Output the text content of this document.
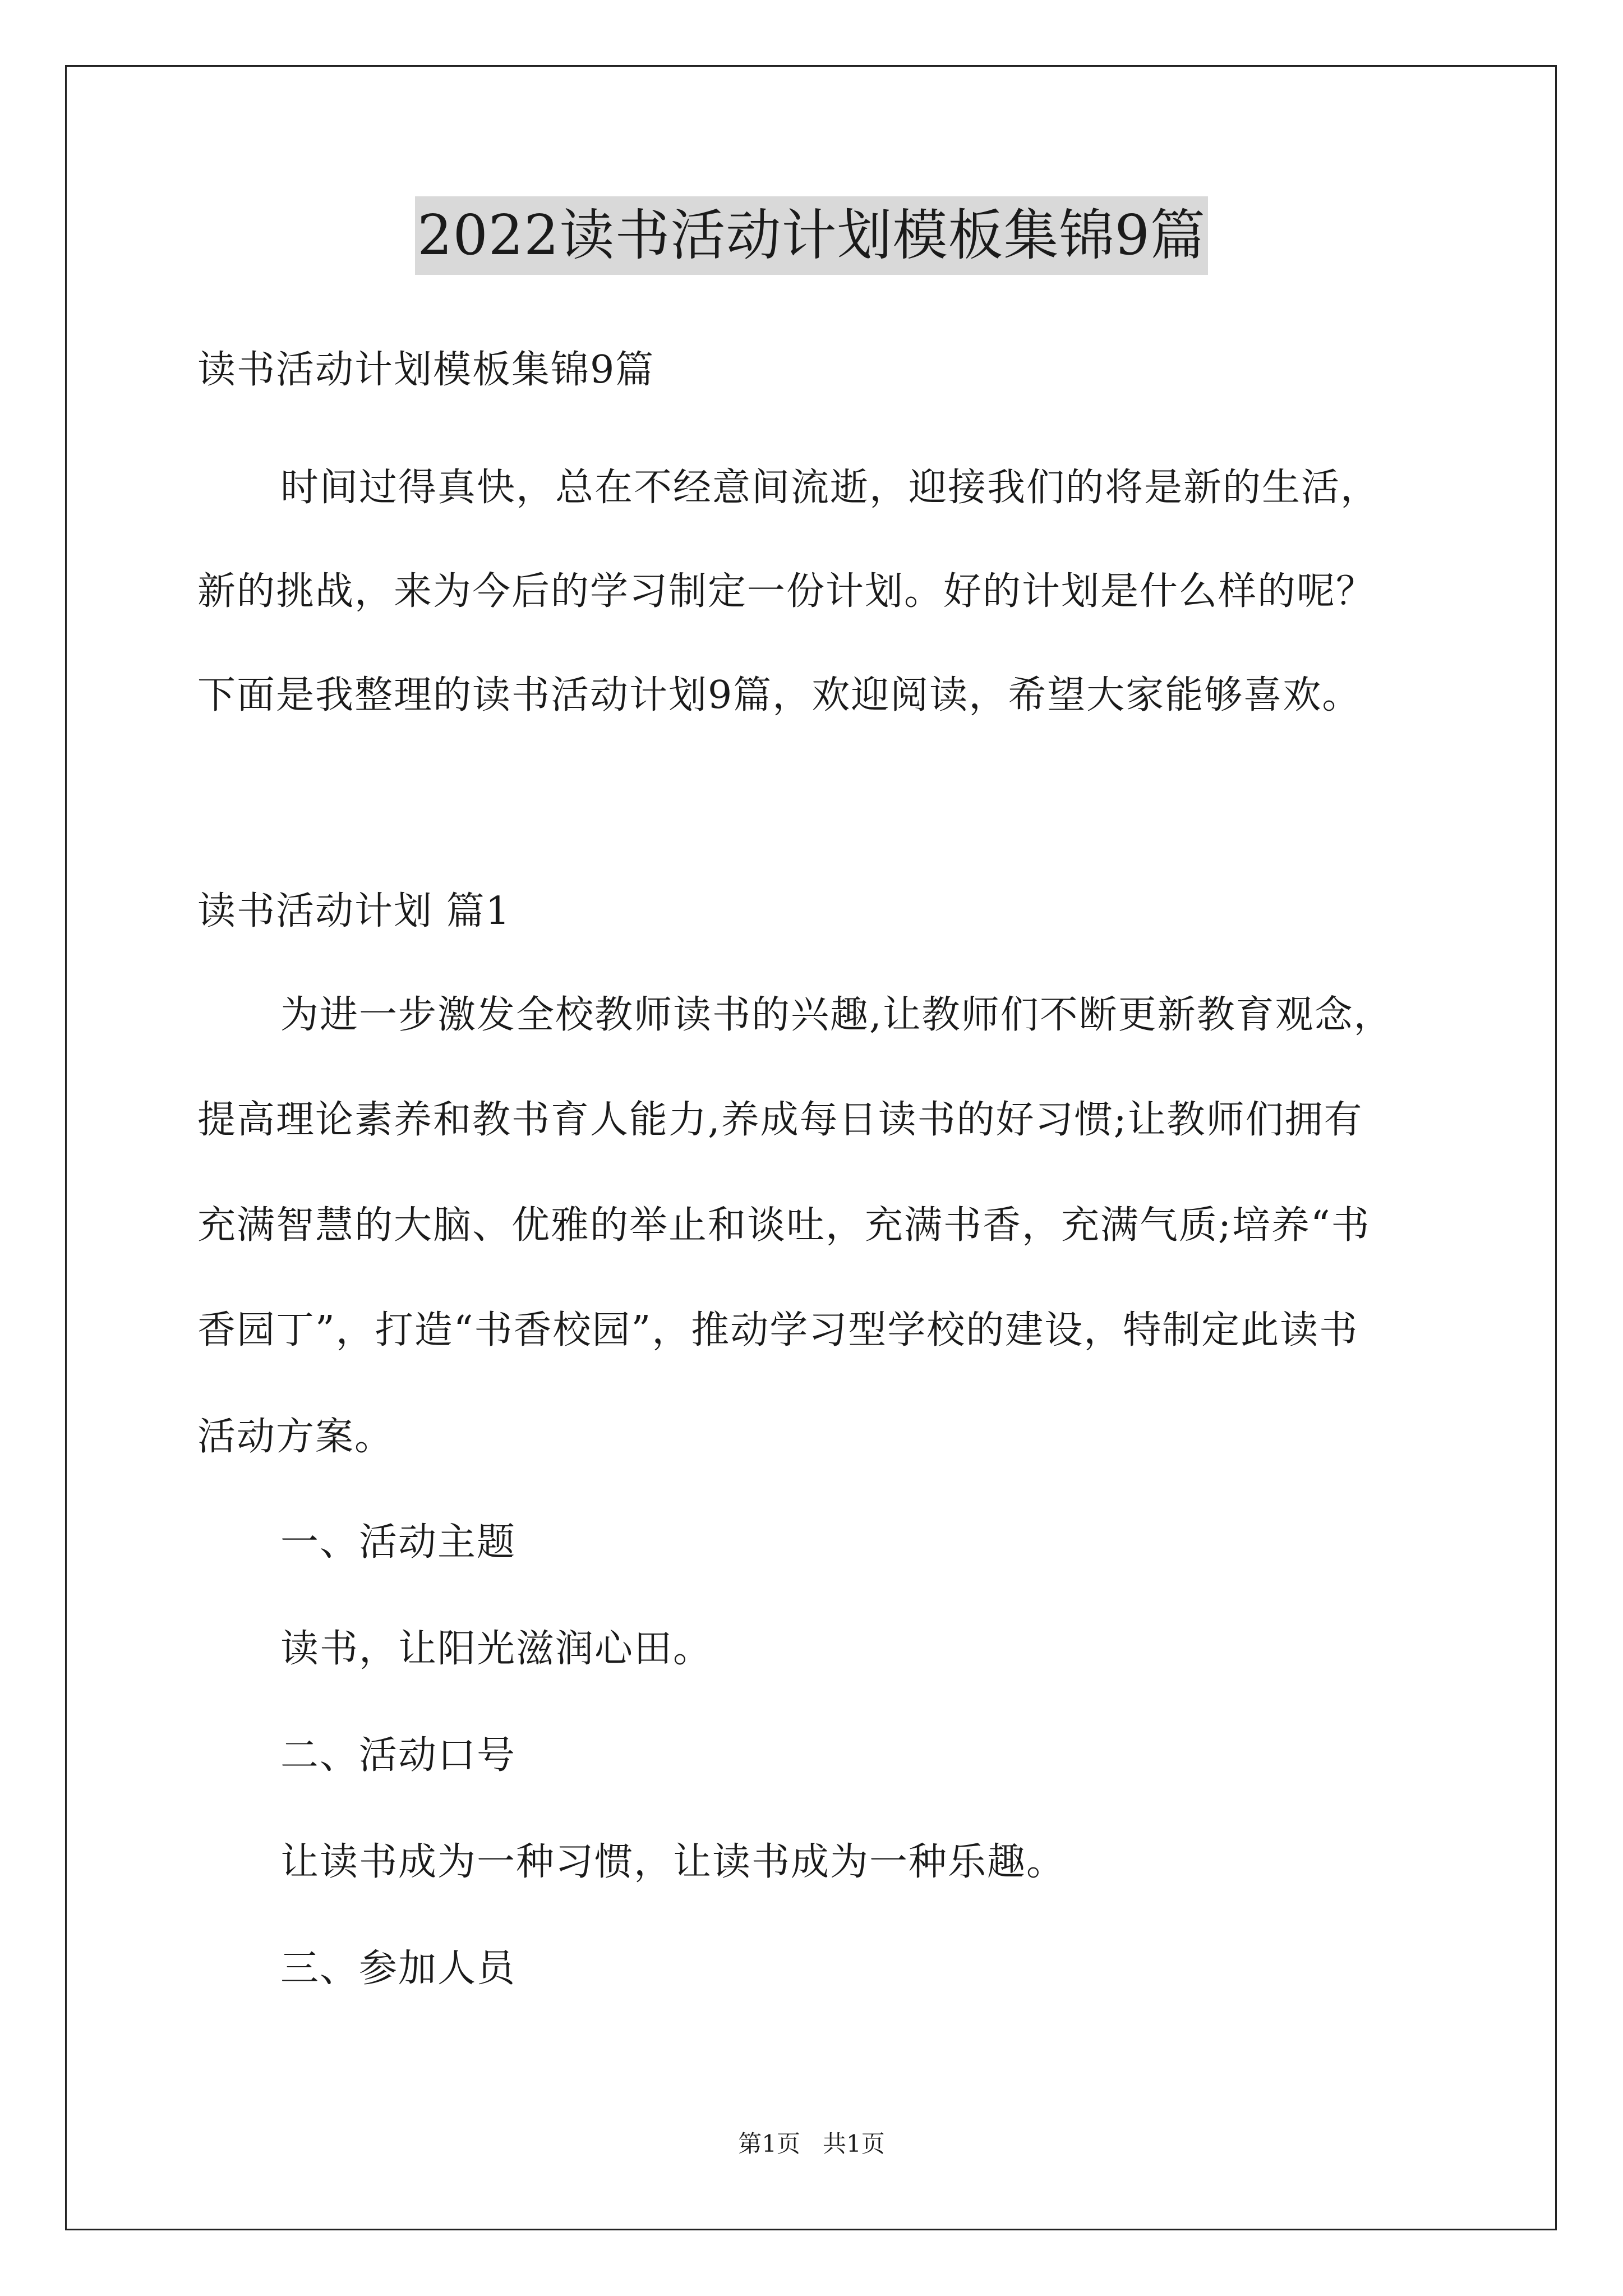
2022读书活动计划模板集锦9篇
读书活动计划模板集锦9篇
时间过得真快，总在不经意间流逝，迎接我们的将是新的生活，
新的挑战，来为今后的学习制定一份计划。好的计划是什么样的呢？
下面是我整理的读书活动计划9篇，欢迎阅读，希望大家能够喜欢。
读书活动计划 篇1
为进一步激发全校教师读书的兴趣,让教师们不断更新教育观念，
提高理论素养和教书育人能力,养成每日读书的好习惯;让教师们拥有
充满智慧的大脑、优雅的举止和谈吐，充满书香，充满气质;培养“书
香园丁”，打造“书香校园”，推动学习型学校的建设，特制定此读书
活动方案。
一、活动主题
读书，让阳光滋润心田。
二、活动口号
让读书成为一种习惯，让读书成为一种乐趣。
三、参加人员
第1页   共1页
